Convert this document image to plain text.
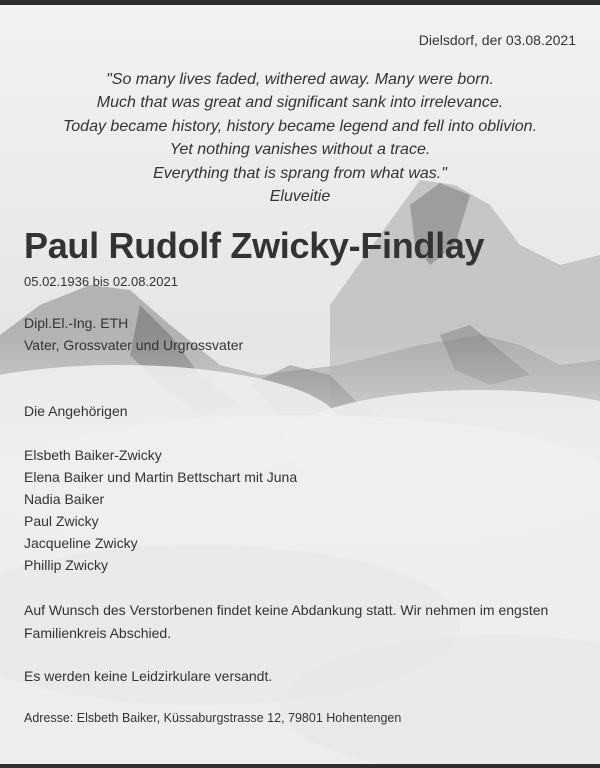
Dielsdorf, der 03.08.2021
"So many lives faded, withered away. Many were born.
Much that was great and significant sank into irrelevance.
Today became history, history became legend and fell into oblivion.
Yet nothing vanishes without a trace.
Everything that is sprang from what was."
Eluveitie
Paul Rudolf Zwicky-Findlay
05.02.1936 bis 02.08.2021
Dipl.El.-Ing. ETH
Vater, Grossvater und Urgrossvater
Die Angehörigen
Elsbeth Baiker-Zwicky
Elena Baiker und Martin Bettschart mit Juna
Nadia Baiker
Paul Zwicky
Jacqueline Zwicky
Phillip Zwicky
Auf Wunsch des Verstorbenen findet keine Abdankung statt. Wir nehmen im engsten
Familienkreis Abschied.
Es werden keine Leidzirkulare versandt.
Adresse: Elsbeth Baiker, Küssaburgstrasse 12, 79801 Hohentengen
